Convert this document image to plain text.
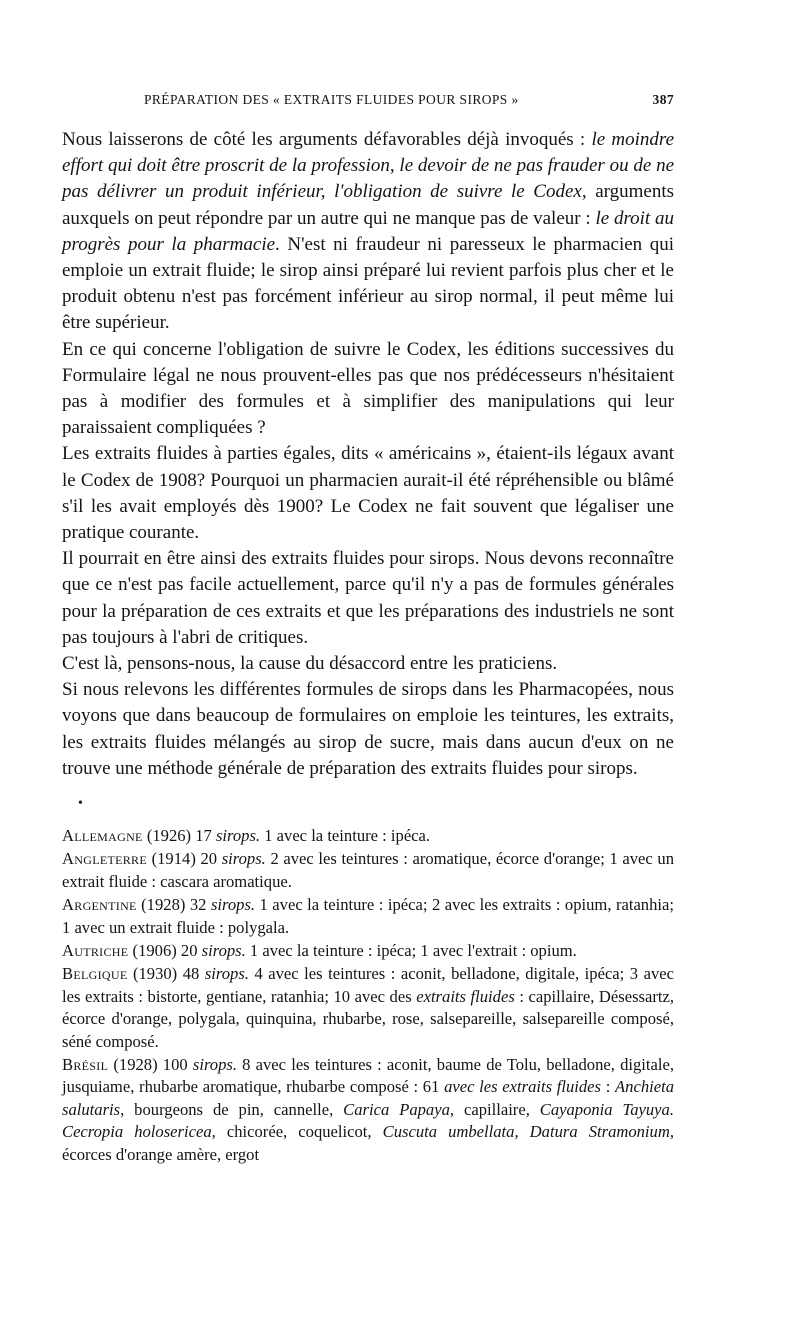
PRÉPARATION DES « EXTRAITS FLUIDES POUR SIROPS »	387

Nous laisserons de côté les arguments défavorables déjà invoqués : le moindre effort qui doit être proscrit de la profession, le devoir de ne pas frauder ou de ne pas délivrer un produit inférieur, l'obligation de suivre le Codex, arguments auxquels on peut répondre par un autre qui ne manque pas de valeur : le droit au progrès pour la pharmacie. N'est ni fraudeur ni paresseux le pharmacien qui emploie un extrait fluide; le sirop ainsi préparé lui revient parfois plus cher et le produit obtenu n'est pas forcément inférieur au sirop normal, il peut même lui être supérieur.

En ce qui concerne l'obligation de suivre le Codex, les éditions successives du Formulaire légal ne nous prouvent-elles pas que nos prédécesseurs n'hésitaient pas à modifier des formules et à simplifier des manipulations qui leur paraissaient compliquées ?

Les extraits fluides à parties égales, dits « américains », étaient-ils légaux avant le Codex de 1908? Pourquoi un pharmacien aurait-il été répréhensible ou blâmé s'il les avait employés dès 1900? Le Codex ne fait souvent que légaliser une pratique courante.

Il pourrait en être ainsi des extraits fluides pour sirops. Nous devons reconnaître que ce n'est pas facile actuellement, parce qu'il n'y a pas de formules générales pour la préparation de ces extraits et que les préparations des industriels ne sont pas toujours à l'abri de critiques.

C'est là, pensons-nous, la cause du désaccord entre les praticiens.

Si nous relevons les différentes formules de sirops dans les Pharmacopées, nous voyons que dans beaucoup de formulaires on emploie les teintures, les extraits, les extraits fluides mélangés au sirop de sucre, mais dans aucun d'eux on ne trouve une méthode générale de préparation des extraits fluides pour sirops.

•

Allemagne (1926) 17 sirops. 1 avec la teinture : ipéca.

Angleterre (1914) 20 sirops. 2 avec les teintures : aromatique, écorce d'orange; 1 avec un extrait fluide : cascara aromatique.

Argentine (1928) 32 sirops. 1 avec la teinture : ipéca; 2 avec les extraits : opium, ratanhia; 1 avec un extrait fluide : polygala.

Autriche (1906) 20 sirops. 1 avec la teinture : ipéca; 1 avec l'extrait : opium.

Belgique (1930) 48 sirops. 4 avec les teintures : aconit, belladone, digitale, ipéca; 3 avec les extraits : bistorte, gentiane, ratanhia; 10 avec des extraits fluides : capillaire, Désessartz, écorce d'orange, polygala, quinquina, rhubarbe, rose, salsepareille, salsepareille composé, séné composé.

Brésil (1928) 100 sirops. 8 avec les teintures : aconit, baume de Tolu, belladone, digitale, jusquiame, rhubarbe aromatique, rhubarbe composé : 61 avec les extraits fluides : Anchieta salutaris, bourgeons de pin, cannelle, Carica Papaya, capillaire, Cayaponia Tayuya. Cecropia holosericea, chicorée, coquelicot, Cuscuta umbellata, Datura Stramonium, écorces d'orange amère, ergot
